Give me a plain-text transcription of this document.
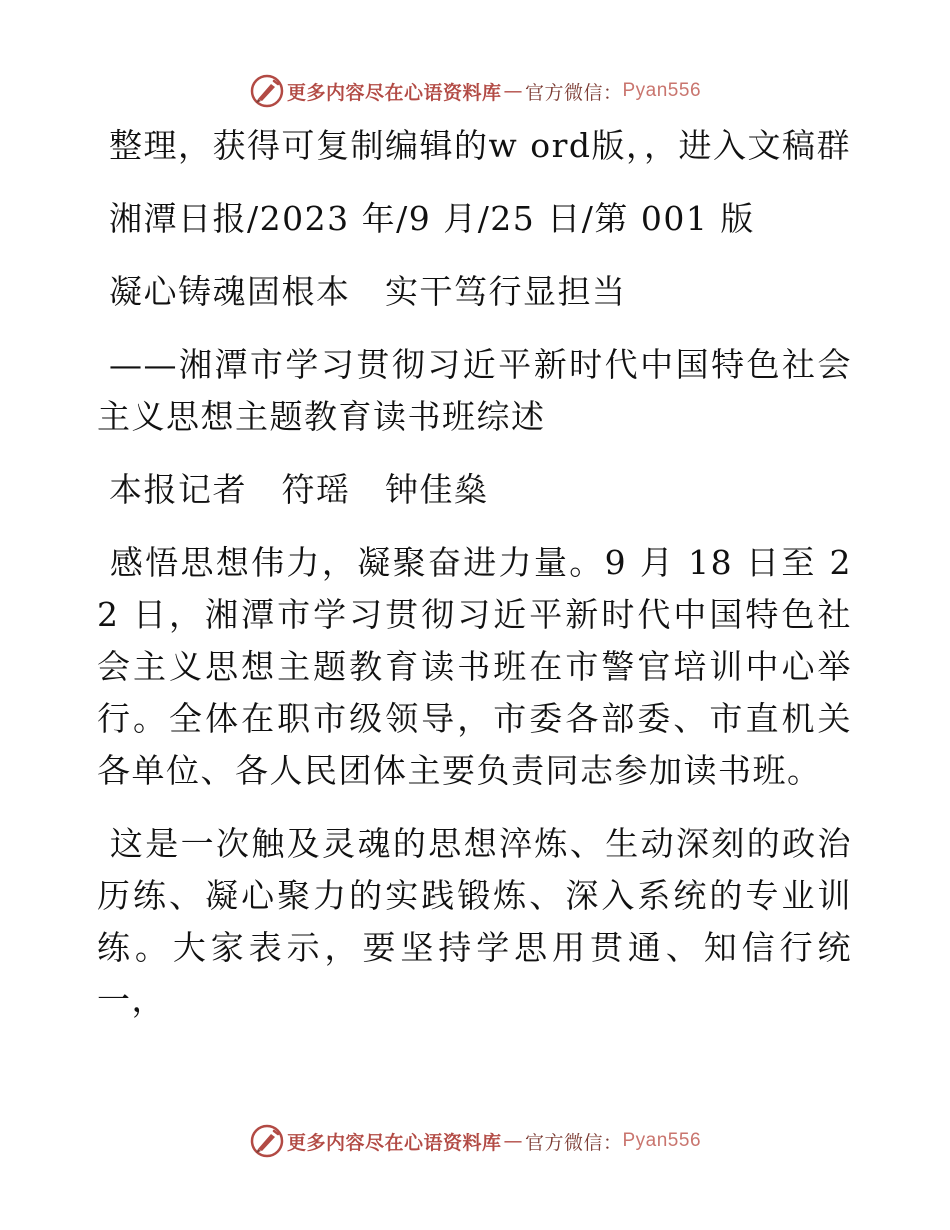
更多内容尽在心语资料库 — 官方微信： Pyan556

整理，获得可复制编辑的w ord版，，进入文稿群

湘潭日报/2023 年/9 月/25 日/第 001 版

凝心铸魂固根本　实干笃行显担当

——湘潭市学习贯彻习近平新时代中国特色社会主义思想主题教育读书班综述

本报记者　符瑶　钟佳燊

感悟思想伟力，凝聚奋进力量。9 月 18 日至 22 日，湘潭市学习贯彻习近平新时代中国特色社会主义思想主题教育读书班在市警官培训中心举行。全体在职市级领导，市委各部委、市直机关各单位、各人民团体主要负责同志参加读书班。

这是一次触及灵魂的思想淬炼、生动深刻的政治历练、凝心聚力的实践锻炼、深入系统的专业训练。大家表示，要坚持学思用贯通、知信行统一，

更多内容尽在心语资料库 — 官方微信： Pyan556
